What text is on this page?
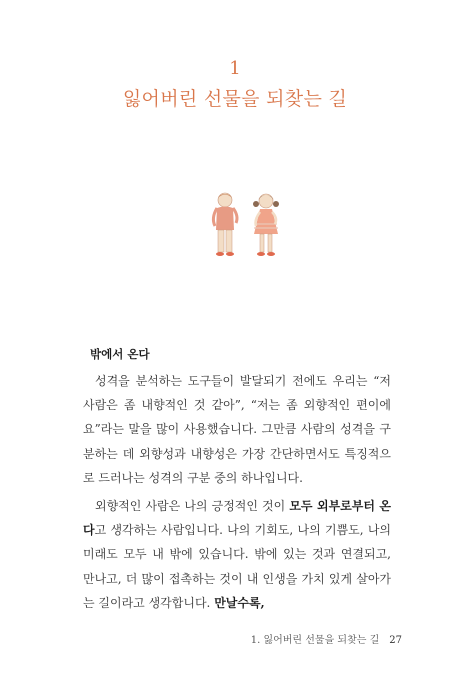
1
잃어버린 선물을 되찾는 길
밖에서 온다

성격을 분석하는 도구들이 발달되기 전에도 우리는 “저 사람은 좀 내향적인 것 같아”, “저는 좀 외향적인 편이에요”라는 말을 많이 사용했습니다. 그만큼 사람의 성격을 구분하는 데 외향성과 내향성은 가장 간단하면서도 특징적으로 드러나는 성격의 구분 중의 하나입니다.

외향적인 사람은 나의 긍정적인 것이 모두 외부로부터 온다고 생각하는 사람입니다. 나의 기회도, 나의 기쁨도, 나의 미래도 모두 내 밖에 있습니다. 밖에 있는 것과 연결되고, 만나고, 더 많이 접촉하는 것이 내 인생을 가치 있게 살아가는 길이라고 생각합니다. 만날수록,

1. 잃어버린 선물을 되찾는 길 27
